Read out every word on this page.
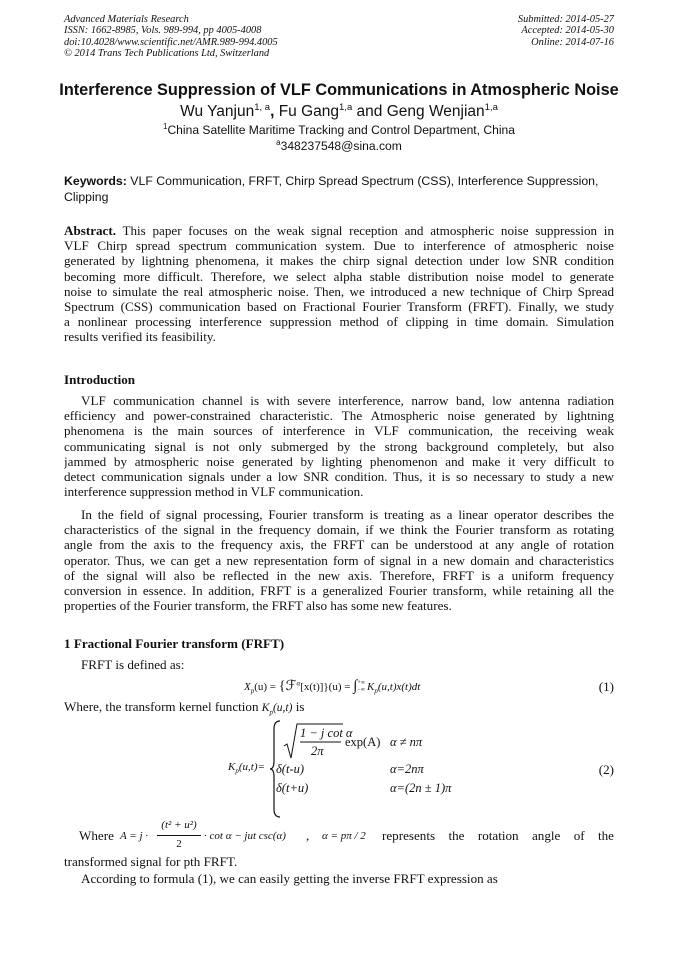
Advanced Materials Research
ISSN: 1662-8985, Vols. 989-994, pp 4005-4008
doi:10.4028/www.scientific.net/AMR.989-994.4005
© 2014 Trans Tech Publications Ltd, Switzerland
Submitted: 2014-05-27
Accepted: 2014-05-30
Online: 2014-07-16
Interference Suppression of VLF Communications in Atmospheric Noise
Wu Yanjun$^{1, a}$, Fu Gang$^{1,a}$ and Geng Wenjian$^{1,a}$
$^1$China Satellite Maritime Tracking and Control Department, China
$^a$348237548@sina.com
Keywords: VLF Communication, FRFT, Chirp Spread Spectrum (CSS), Interference Suppression, Clipping
Abstract. This paper focuses on the weak signal reception and atmospheric noise suppression in
VLF Chirp spread spectrum communication system. Due to interference of atmospheric noise
generated by lightning phenomena, it makes the chirp signal detection under low SNR condition
becoming more difficult. Therefore, we select alpha stable distribution noise model to generate
noise to simulate the real atmospheric noise. Then, we introduced a new technique of Chirp Spread
Spectrum (CSS) communication based on Fractional Fourier Transform (FRFT). Finally, we study
a nonlinear processing interference suppression method of clipping in time domain. Simulation
results verified its feasibility.
Introduction
VLF communication channel is with severe interference, narrow band, low antenna radiation
efficiency and power-constrained characteristic. The Atmospheric noise generated by lightning
phenomena is the main sources of interference in VLF communication, the receiving weak
communicating signal is not only submerged by the strong background completely, but also
jammed by atmospheric noise generated by lighting phenomenon and make it very difficult to
detect communication signals under a low SNR condition. Thus, it is so necessary to study a new
interference suppression method in VLF communication.
In the field of signal processing, Fourier transform is treating as a linear operator describes the
characteristics of the signal in the frequency domain, if we think the Fourier transform as rotating
angle from the axis to the frequency axis, the FRFT can be understood at any angle of rotation
operator. Thus, we can get a new representation form of signal in a new domain and characteristics
of the signal will also be reflected in the new axis. Therefore, FRFT is a uniform frequency
conversion in essence. In addition, FRFT is a generalized Fourier transform, while retaining all the
properties of the Fourier transform, the FRFT also has some new features.
1 Fractional Fourier transform (FRFT)
FRFT is defined as:
$X_p(u)$ = {ℱ$^\alpha$[x(t)]}(u) = ∫ +∞
−∞ $K_p(u,t)x(t)dt$	(1)
Where, the transform kernel function $K_p(u,t)$ is
$K_p(u,t)=$
1 − j cot α
2π
exp(A) α ≠ nπ
δ(t-u)	α=2nπ
δ(t+u)	α=(2n ± 1)π
(2)
Where A = j ·
(t² + u²)
2
· cot α − jut csc(α) , α = pπ / 2 represents the rotation angle of the
transformed signal for pth FRFT.
According to formula (1), we can easily getting the inverse FRFT expression as
